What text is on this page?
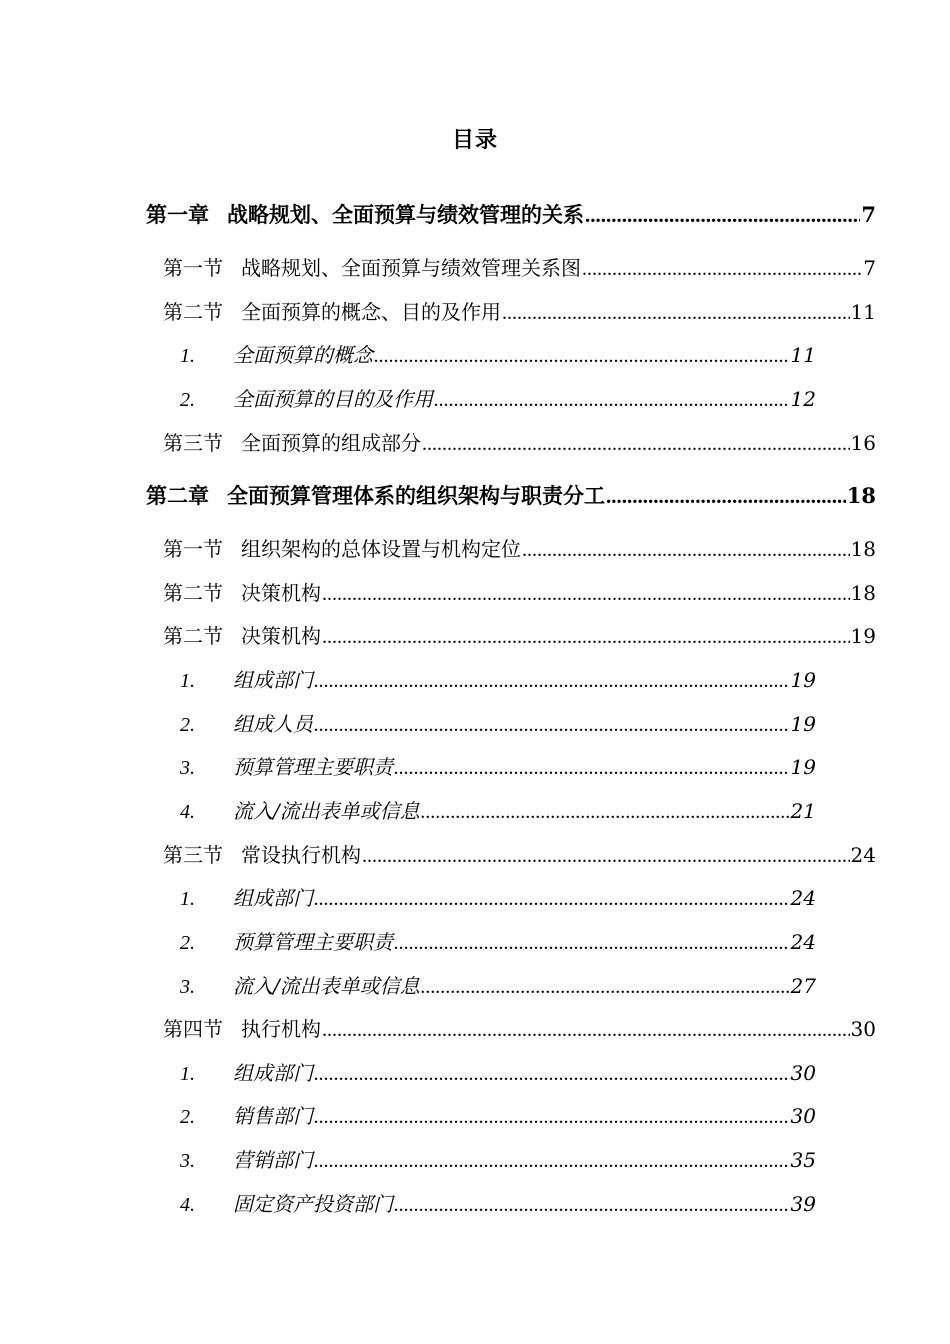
目录
第一章 战略规划、全面预算与绩效管理的关系 .....	7
第一节 战略规划、全面预算与绩效管理关系图 .....	7
第二节 全面预算的概念、目的及作用 .....	11
1. 全面预算的概念 .....	11
2. 全面预算的目的及作用 .....	12
第三节 全面预算的组成部分 .....	16
第二章 全面预算管理体系的组织架构与职责分工 .....	18
第一节 组织架构的总体设置与机构定位 .....	18
第二节 决策机构 .....	18
第二节 决策机构 .....	19
1. 组成部门 .....	19
2. 组成人员 .....	19
3. 预算管理主要职责 .....	19
4. 流入/流出表单或信息 .....	21
第三节 常设执行机构 .....	24
1. 组成部门 .....	24
2. 预算管理主要职责 .....	24
3. 流入/流出表单或信息 .....	27
第四节 执行机构 .....	30
1. 组成部门 .....	30
2. 销售部门 .....	30
3. 营销部门 .....	35
4. 固定资产投资部门 .....	39
